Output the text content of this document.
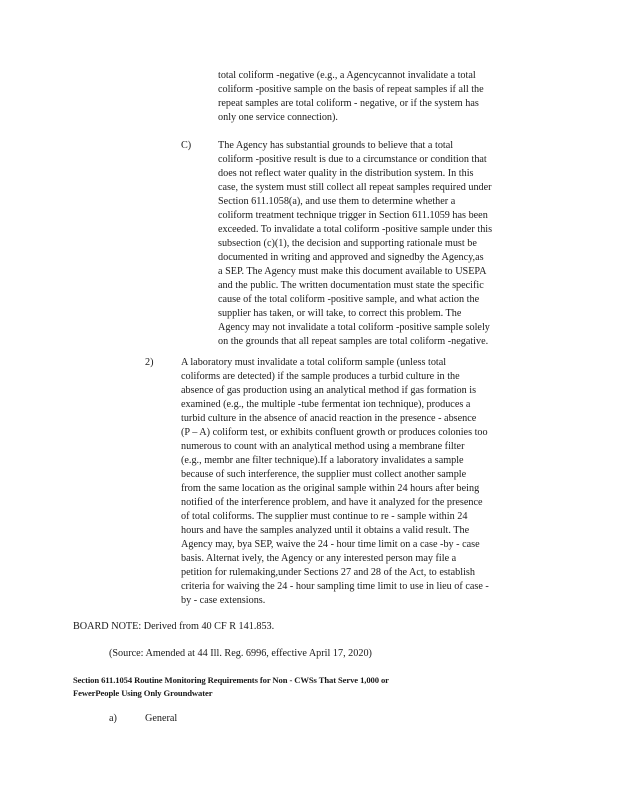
total coliform -negative (e.g., a Agencycannot invalidate a total
coliform -positive sample on the basis of repeat samples if all the
repeat samples are total coliform - negative, or if the system has
only one service connection).
C)	The Agency has substantial grounds to believe that a total
coliform -positive result is due to a circumstance or condition that
does not reflect water quality in the distribution system. In this
case, the system must still collect all repeat samples required under
Section 611.1058(a), and use them to determine whether a
coliform treatment technique trigger in Section 611.1059 has been
exceeded. To invalidate a total coliform -positive sample under this
subsection (c)(1), the decision and supporting rationale must be
documented in writing and approved and signedby the Agency,as
a SEP. The Agency must make this document available to USEPA
and the public. The written documentation must state the specific
cause of the total coliform -positive sample, and what action the
supplier has taken, or will take, to correct this problem. The
Agency may not invalidate a total coliform -positive sample solely
on the grounds that all repeat samples are total coliform -negative.
2)	A laboratory must invalidate a total coliform sample (unless total
coliforms are detected) if the sample produces a turbid culture in the
absence of gas production using an analytical method if gas formation is
examined (e.g., the multiple -tube fermentat ion technique), produces a
turbid culture in the absence of anacid reaction in the presence - absence
(P – A) coliform test, or exhibits confluent growth or produces colonies too
numerous to count with an analytical method using a membrane filter
(e.g., membr ane filter technique).If a laboratory invalidates a sample
because of such interference, the supplier must collect another sample
from the same location as the original sample within 24 hours after being
notified of the interference problem, and have it analyzed for the presence
of total coliforms. The supplier must continue to re - sample within 24
hours and have the samples analyzed until it obtains a valid result. The
Agency may, bya SEP, waive the 24 - hour time limit on a case -by - case
basis. Alternat ively, the Agency or any interested person may file a
petition for rulemaking,under Sections 27 and 28 of the Act, to establish
criteria for waiving the 24 - hour sampling time limit to use in lieu of case -
by - case extensions.
BOARD NOTE: Derived from 40 CF R 141.853.
(Source: Amended at 44 Ill. Reg. 6996, effective April 17, 2020)
Section 611.1054 Routine Monitoring Requirements for Non - CWSs That Serve 1,000 or
FewerPeople Using Only Groundwater
a)	General
